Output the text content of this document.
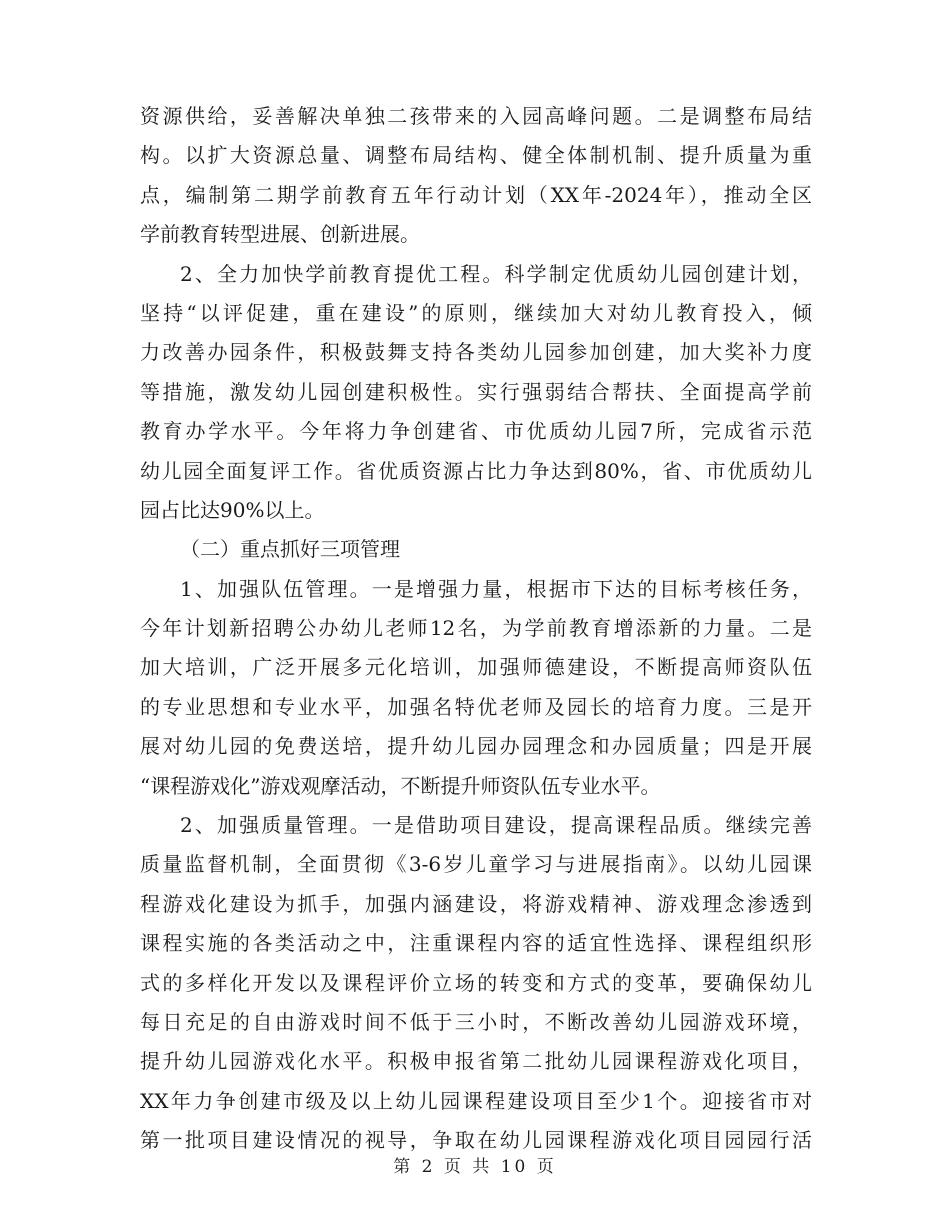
资源供给，妥善解决单独二孩带来的入园高峰问题。二是调整布局结
构。以扩大资源总量、调整布局结构、健全体制机制、提升质量为重
点，编制第二期学前教育五年行动计划（XX年-2024年），推动全区
学前教育转型进展、创新进展。
2、全力加快学前教育提优工程。科学制定优质幼儿园创建计划，
坚持“以评促建，重在建设”的原则，继续加大对幼儿教育投入，倾
力改善办园条件，积极鼓舞支持各类幼儿园参加创建，加大奖补力度
等措施，激发幼儿园创建积极性。实行强弱结合帮扶、全面提高学前
教育办学水平。今年将力争创建省、市优质幼儿园7所，完成省示范
幼儿园全面复评工作。省优质资源占比力争达到80%，省、市优质幼儿
园占比达90%以上。
（二）重点抓好三项管理
1、加强队伍管理。一是增强力量，根据市下达的目标考核任务，
今年计划新招聘公办幼儿老师12名，为学前教育增添新的力量。二是
加大培训，广泛开展多元化培训，加强师德建设，不断提高师资队伍
的专业思想和专业水平，加强名特优老师及园长的培育力度。三是开
展对幼儿园的免费送培，提升幼儿园办园理念和办园质量；四是开展
“课程游戏化”游戏观摩活动，不断提升师资队伍专业水平。
2、加强质量管理。一是借助项目建设，提高课程品质。继续完善
质量监督机制，全面贯彻《3-6岁儿童学习与进展指南》。以幼儿园课
程游戏化建设为抓手，加强内涵建设，将游戏精神、游戏理念渗透到
课程实施的各类活动之中，注重课程内容的适宜性选择、课程组织形
式的多样化开发以及课程评价立场的转变和方式的变革，要确保幼儿
每日充足的自由游戏时间不低于三小时，不断改善幼儿园游戏环境，
提升幼儿园游戏化水平。积极申报省第二批幼儿园课程游戏化项目，
XX年力争创建市级及以上幼儿园课程建设项目至少1个。迎接省市对
第一批项目建设情况的视导，争取在幼儿园课程游戏化项目园园行活
第 2 页 共 10 页
